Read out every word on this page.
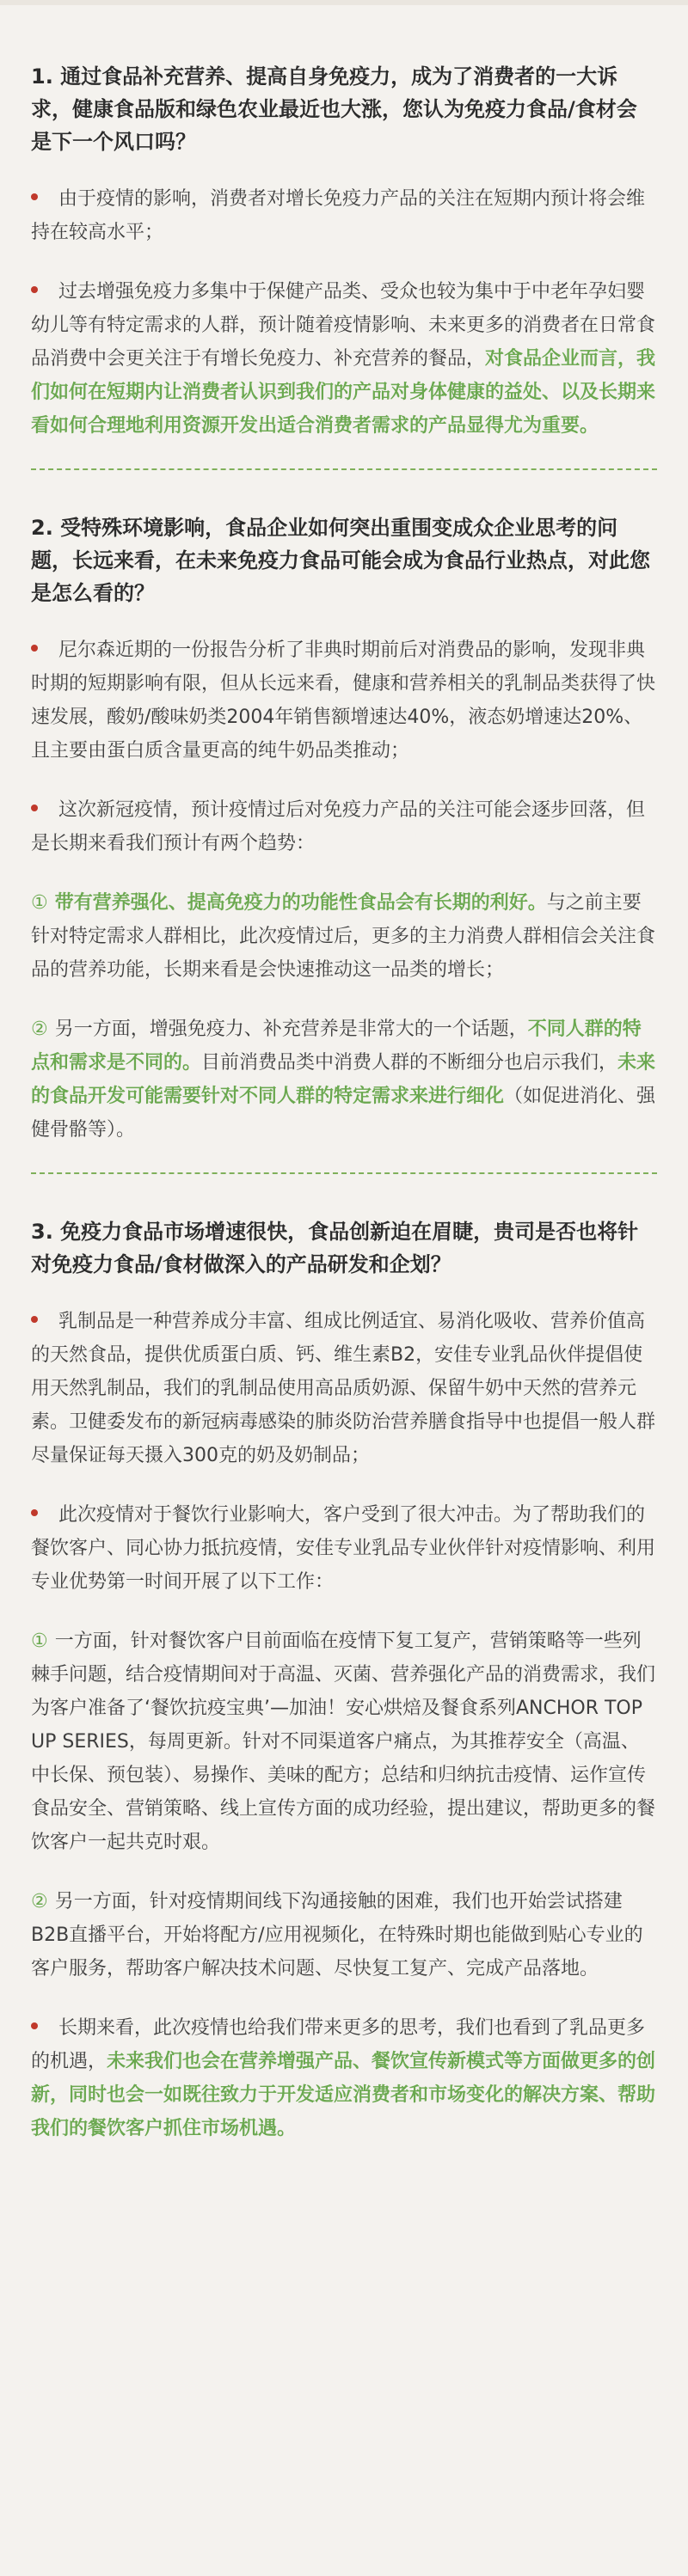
1. 通过食品补充营养、提高自身免疫力，成为了消费者的一大诉求，健康食品版和绿色农业最近也大涨，您认为免疫力食品/食材会是下一个风口吗？
由于疫情的影响，消费者对增长免疫力产品的关注在短期内预计将会维持在较高水平；
过去增强免疫力多集中于保健产品类、受众也较为集中于中老年孕妇婴幼儿等有特定需求的人群，预计随着疫情影响、未来更多的消费者在日常食品消费中会更关注于有增长免疫力、补充营养的餐品，对食品企业而言，我们如何在短期内让消费者认识到我们的产品对身体健康的益处、以及长期来看如何合理地利用资源开发出适合消费者需求的产品显得尤为重要。
2. 受特殊环境影响，食品企业如何突出重围变成众企业思考的问题，长远来看，在未来免疫力食品可能会成为食品行业热点，对此您是怎么看的？
尼尔森近期的一份报告分析了非典时期前后对消费品的影响，发现非典时期的短期影响有限，但从长远来看，健康和营养相关的乳制品类获得了快速发展，酸奶/酸味奶类2004年销售额增速达40%，液态奶增速达20%、且主要由蛋白质含量更高的纯牛奶品类推动；
这次新冠疫情，预计疫情过后对免疫力产品的关注可能会逐步回落，但是长期来看我们预计有两个趋势：
① 带有营养强化、提高免疫力的功能性食品会有长期的利好。与之前主要针对特定需求人群相比，此次疫情过后，更多的主力消费人群相信会关注食品的营养功能，长期来看是会快速推动这一品类的增长；
② 另一方面，增强免疫力、补充营养是非常大的一个话题，不同人群的特点和需求是不同的。目前消费品类中消费人群的不断细分也启示我们，未来的食品开发可能需要针对不同人群的特定需求来进行细化（如促进消化、强健骨骼等）。
3. 免疫力食品市场增速很快，食品创新迫在眉睫，贵司是否也将针对免疫力食品/食材做深入的产品研发和企划？
乳制品是一种营养成分丰富、组成比例适宜、易消化吸收、营养价值高的天然食品，提供优质蛋白质、钙、维生素B2，安佳专业乳品伙伴提倡使用天然乳制品，我们的乳制品使用高品质奶源、保留牛奶中天然的营养元素。卫健委发布的新冠病毒感染的肺炎防治营养膳食指导中也提倡一般人群尽量保证每天摄入300克的奶及奶制品；
此次疫情对于餐饮行业影响大，客户受到了很大冲击。为了帮助我们的餐饮客户、同心协力抵抗疫情，安佳专业乳品专业伙伴针对疫情影响、利用专业优势第一时间开展了以下工作：
① 一方面，针对餐饮客户目前面临在疫情下复工复产，营销策略等一些列棘手问题，结合疫情期间对于高温、灭菌、营养强化产品的消费需求，我们为客户准备了‘餐饮抗疫宝典’—加油！安心烘焙及餐食系列ANCHOR TOP UP SERIES，每周更新。针对不同渠道客户痛点，为其推荐安全（高温、中长保、预包装）、易操作、美味的配方；总结和归纳抗击疫情、运作宣传食品安全、营销策略、线上宣传方面的成功经验，提出建议，帮助更多的餐饮客户一起共克时艰。
② 另一方面，针对疫情期间线下沟通接触的困难，我们也开始尝试搭建B2B直播平台，开始将配方/应用视频化，在特殊时期也能做到贴心专业的客户服务，帮助客户解决技术问题、尽快复工复产、完成产品落地。
长期来看，此次疫情也给我们带来更多的思考，我们也看到了乳品更多的机遇，未来我们也会在营养增强产品、餐饮宣传新模式等方面做更多的创新，同时也会一如既往致力于开发适应消费者和市场变化的解决方案、帮助我们的餐饮客户抓住市场机遇。
